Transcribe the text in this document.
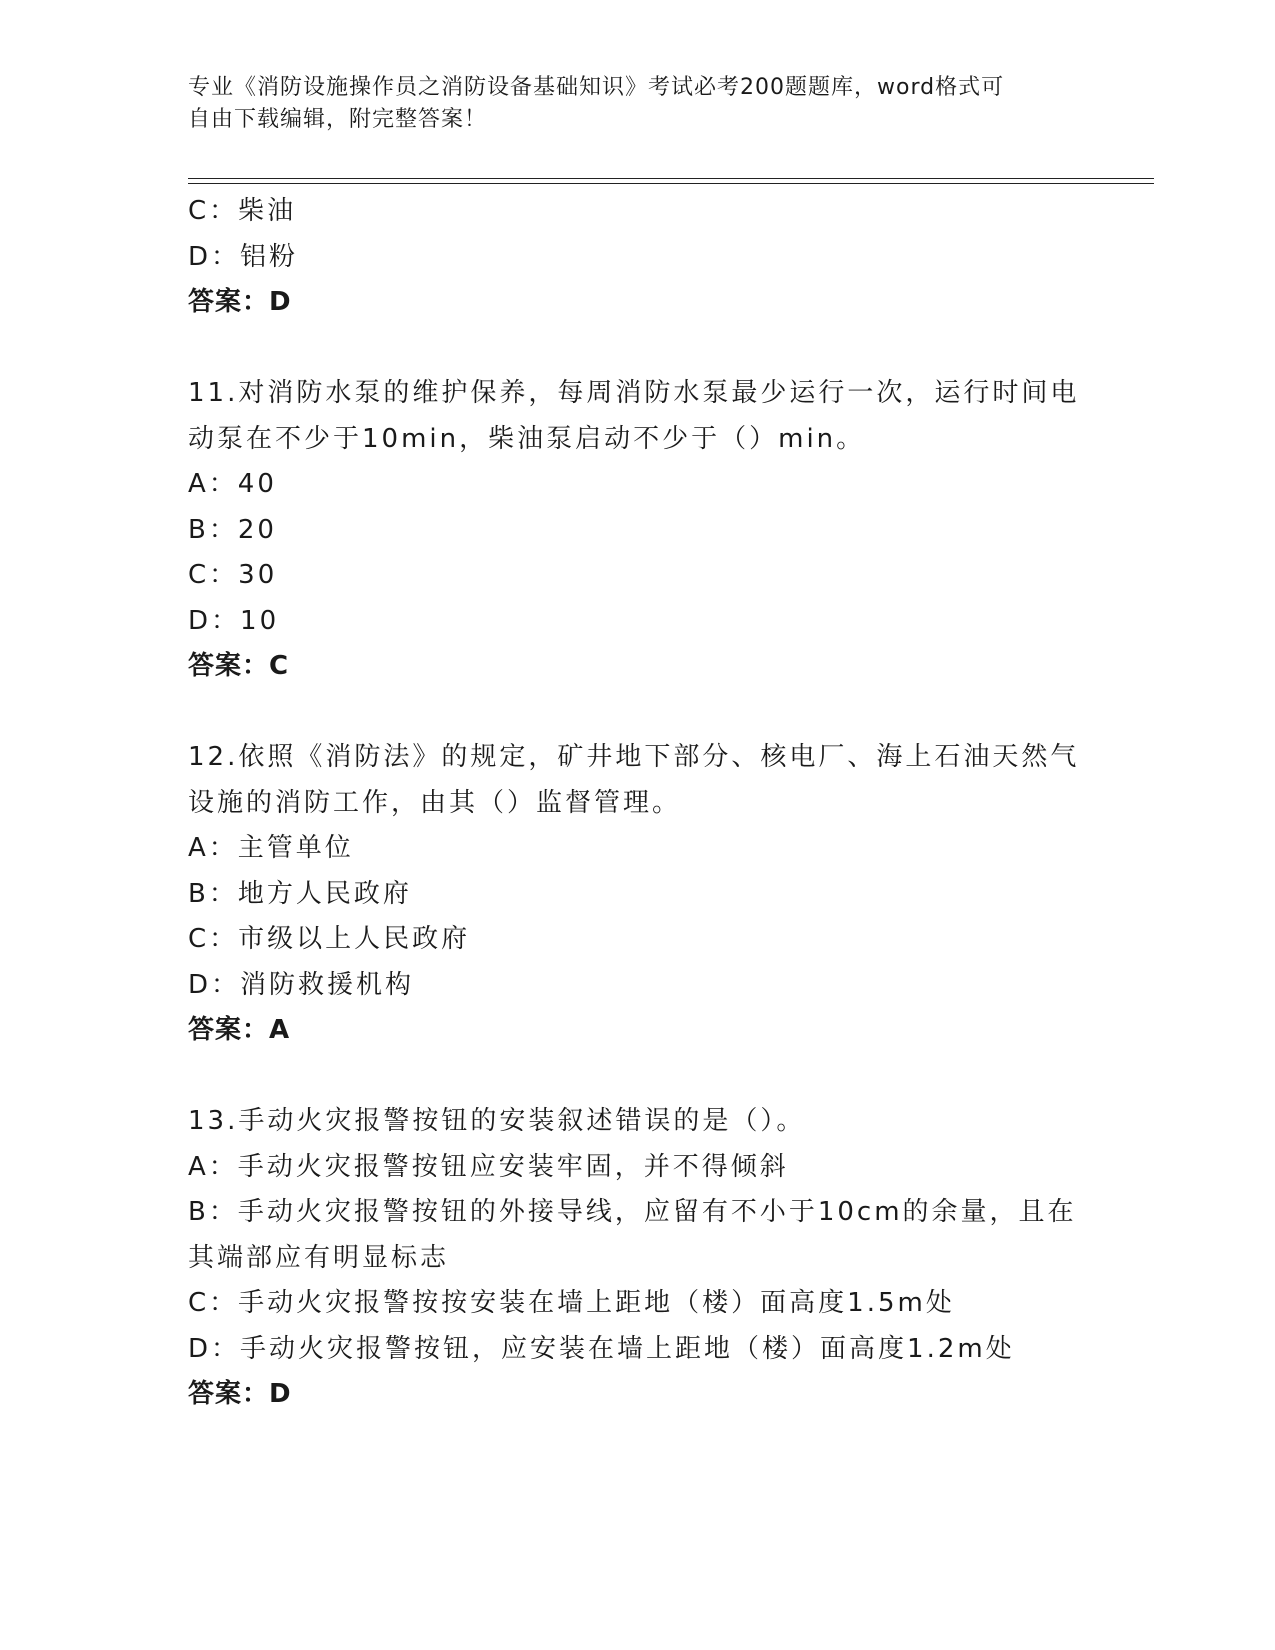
专业《消防设施操作员之消防设备基础知识》考试必考200题题库，word格式可
自由下载编辑，附完整答案！
C：柴油
D：铝粉
答案：D
11.对消防水泵的维护保养，每周消防水泵最少运行一次，运行时间电
动泵在不少于10min，柴油泵启动不少于（）min。
A：40
B：20
C：30
D：10
答案：C
12.依照《消防法》的规定，矿井地下部分、核电厂、海上石油天然气
设施的消防工作，由其（）监督管理。
A：主管单位
B：地方人民政府
C：市级以上人民政府
D：消防救援机构
答案：A
13.手动火灾报警按钮的安装叙述错误的是（）。
A：手动火灾报警按钮应安装牢固，并不得倾斜
B：手动火灾报警按钮的外接导线，应留有不小于10cm的余量，且在
其端部应有明显标志
C：手动火灾报警按按安装在墙上距地（楼）面高度1.5m处
D：手动火灾报警按钮，应安装在墙上距地（楼）面高度1.2m处
答案：D
